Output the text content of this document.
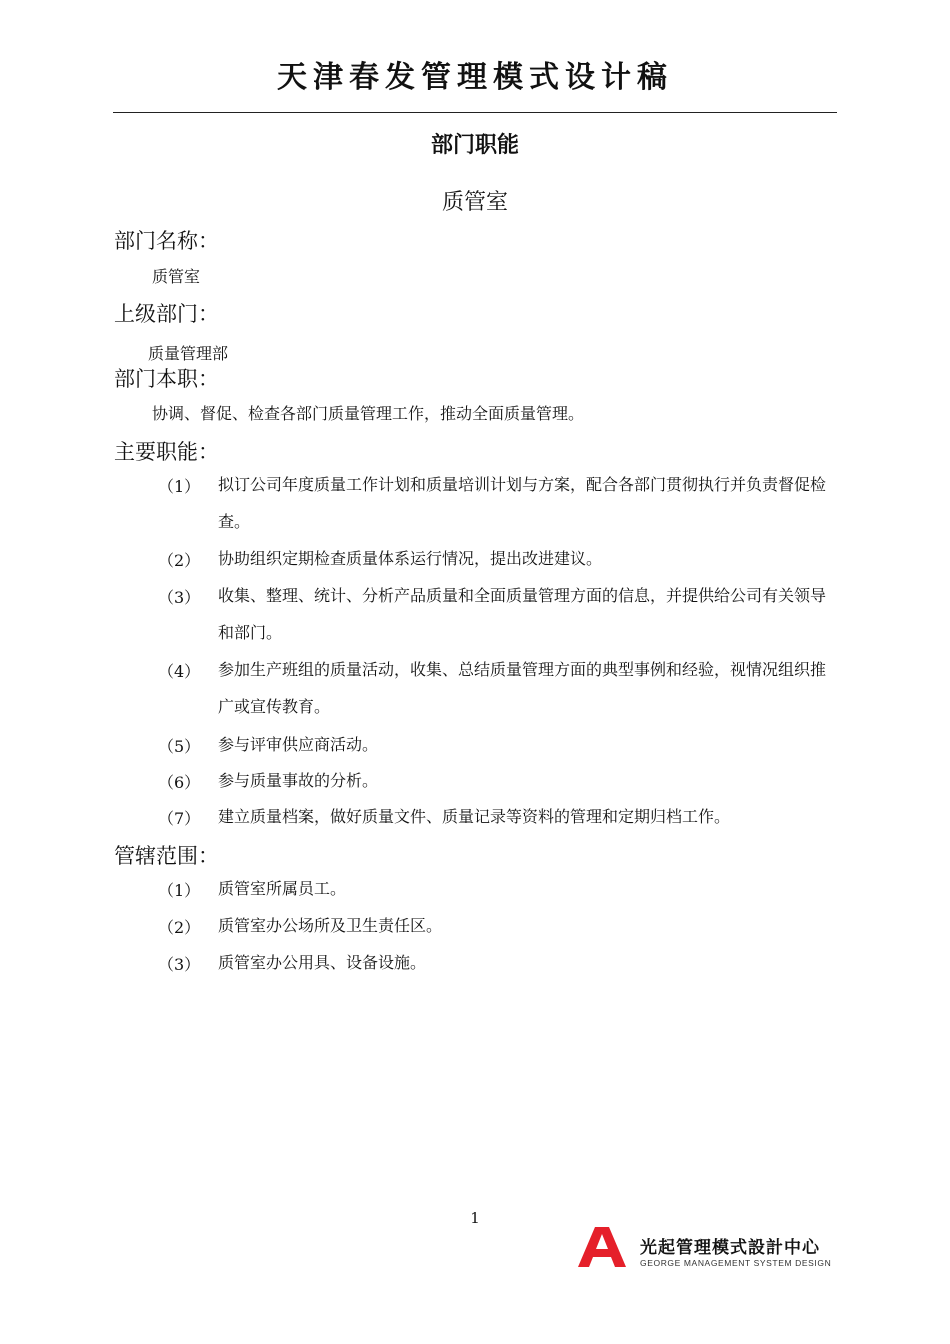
天津春发管理模式设计稿
部门职能
质管室
部门名称：
质管室
上级部门：
质量管理部
部门本职：
协调、督促、检查各部门质量管理工作，推动全面质量管理。
主要职能：
（1） 拟订公司年度质量工作计划和质量培训计划与方案，配合各部门贯彻执行并负责督促检查。
（2） 协助组织定期检查质量体系运行情况，提出改进建议。
（3） 收集、整理、统计、分析产品质量和全面质量管理方面的信息，并提供给公司有关领导和部门。
（4） 参加生产班组的质量活动，收集、总结质量管理方面的典型事例和经验，视情况组织推广或宣传教育。
（5） 参与评审供应商活动。
（6） 参与质量事故的分析。
（7） 建立质量档案，做好质量文件、质量记录等资料的管理和定期归档工作。
管辖范围：
（1） 质管室所属员工。
（2） 质管室办公场所及卫生责任区。
（3） 质管室办公用具、设备设施。
1
光起管理模式設計中心
GEORGE MANAGEMENT SYSTEM DESIGN
